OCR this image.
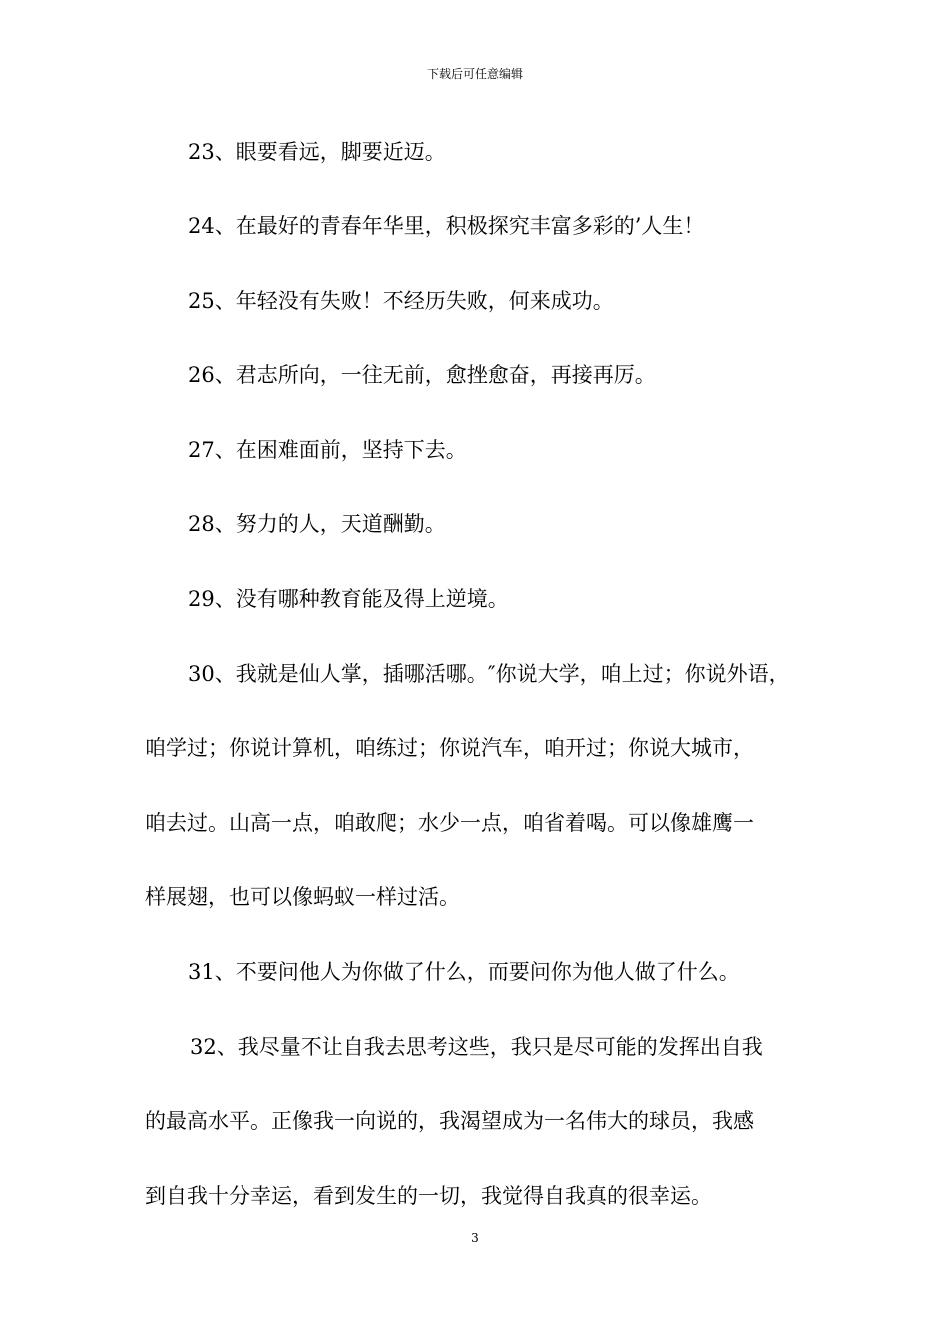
下载后可任意编辑
23、眼要看远，脚要近迈。
24、在最好的青春年华里，积极探究丰富多彩的’人生！
25、年轻没有失败！不经历失败，何来成功。
26、君志所向，一往无前，愈挫愈奋，再接再厉。
27、在困难面前，坚持下去。
28、努力的人，天道酬勤。
29、没有哪种教育能及得上逆境。
30、我就是仙人掌，插哪活哪。″你说大学，咱上过；你说外语，
咱学过；你说计算机，咱练过；你说汽车，咱开过；你说大城市，
咱去过。山高一点，咱敢爬；水少一点，咱省着喝。可以像雄鹰一
样展翅，也可以像蚂蚁一样过活。
31、不要问他人为你做了什么，而要问你为他人做了什么。
32、我尽量不让自我去思考这些，我只是尽可能的发挥出自我
的最高水平。正像我一向说的，我渴望成为一名伟大的球员，我感
到自我十分幸运，看到发生的一切，我觉得自我真的很幸运。
3
